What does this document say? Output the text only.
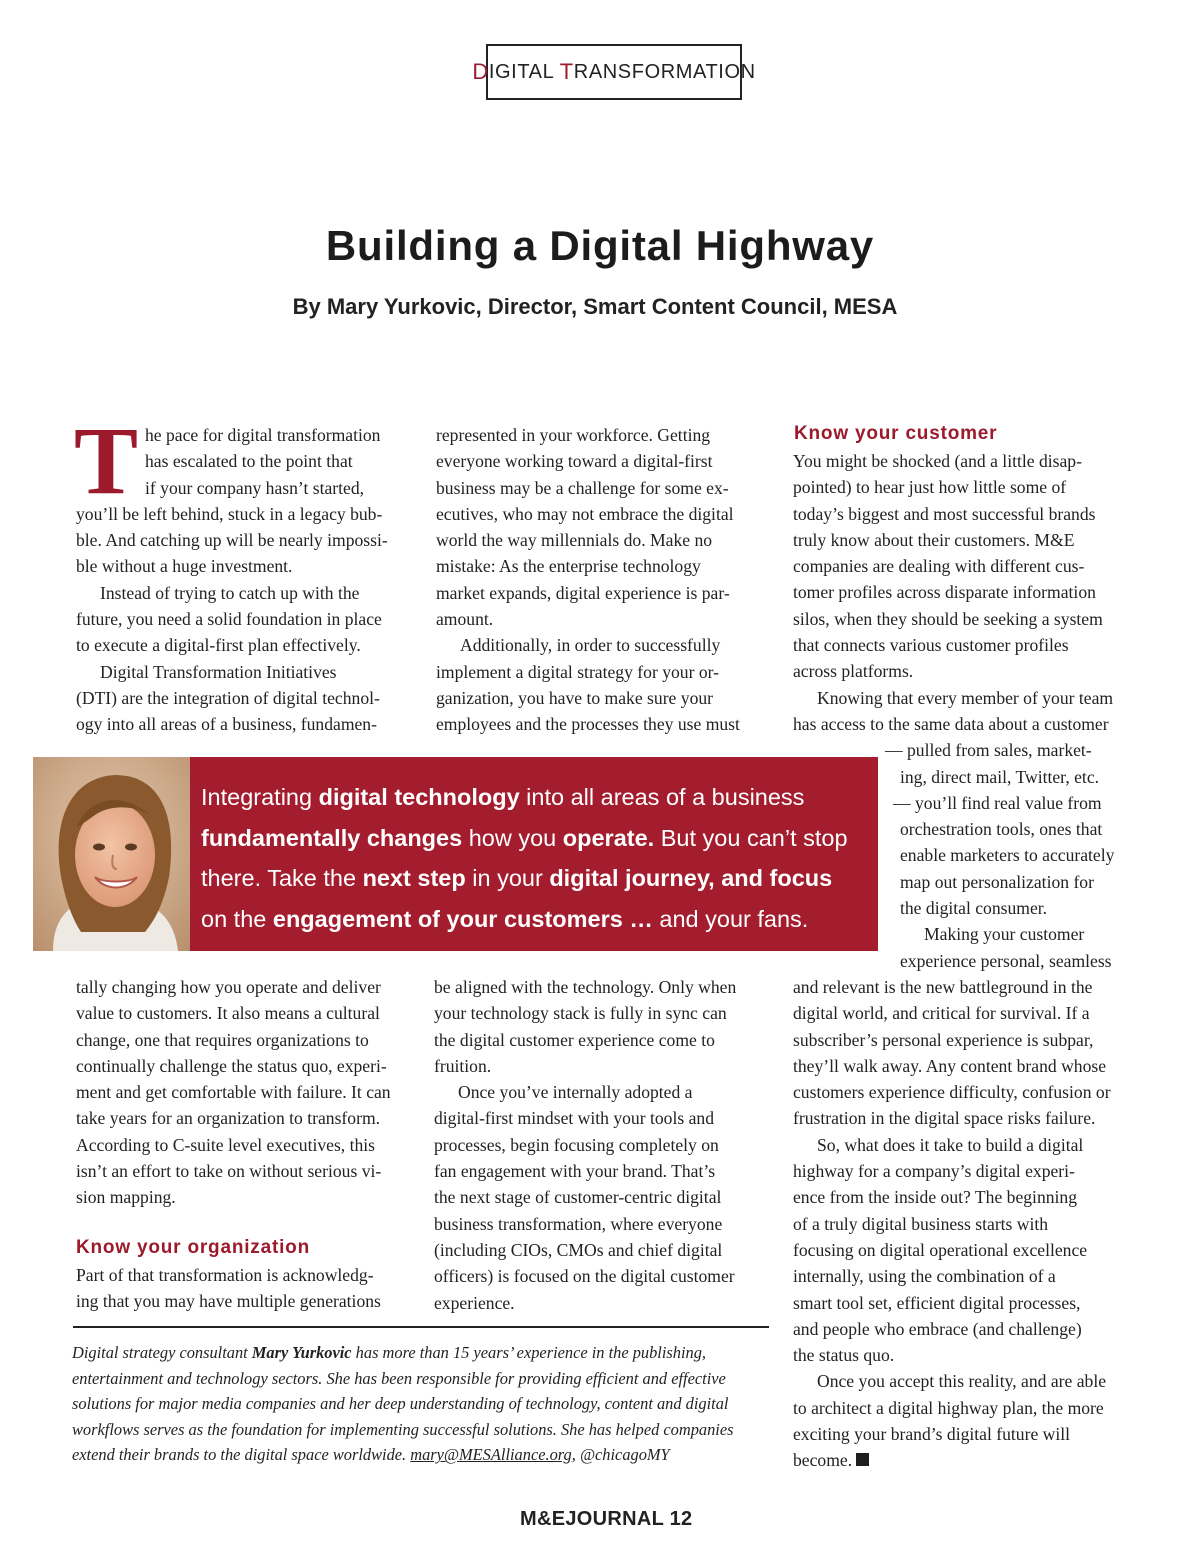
D IGITAL T RANSFORMATION
Building a Digital Highway
By Mary Yurkovic, Director, Smart Content Council, MESA
T he pace for digital transformation
has escalated to the point that
if your company hasn’t started,
you’ll be left behind, stuck in a legacy bub-
ble. And catching up will be nearly impossi-
ble without a huge investment.
Instead of trying to catch up with the
future, you need a solid foundation in place
to execute a digital-first plan effectively.
Digital Transformation Initiatives
(DTI) are the integration of digital technol-
ogy into all areas of a business, fundamen-
represented in your workforce. Getting
everyone working toward a digital-first
business may be a challenge for some ex-
ecutives, who may not embrace the digital
world the way millennials do. Make no
mistake: As the enterprise technology
market expands, digital experience is par-
amount.
Additionally, in order to successfully
implement a digital strategy for your or-
ganization, you have to make sure your
employees and the processes they use must
Know your customer
You might be shocked (and a little disap-
pointed) to hear just how little some of
today’s biggest and most successful brands
truly know about their customers. M&E
companies are dealing with different cus-
tomer profiles across disparate information
silos, when they should be seeking a system
that connects various customer profiles
across platforms.
Knowing that every member of your team
has access to the same data about a customer
— pulled from sales, market-
ing, direct mail, Twitter, etc.
— you’ll find real value from
orchestration tools, ones that
enable marketers to accurately
map out personalization for
the digital consumer.
Making your customer
experience personal, seamless
and relevant is the new battleground in the
digital world, and critical for survival. If a
subscriber’s personal experience is subpar,
they’ll walk away. Any content brand whose
customers experience difficulty, confusion or
frustration in the digital space risks failure.
So, what does it take to build a digital
highway for a company’s digital experi-
ence from the inside out? The beginning
of a truly digital business starts with
focusing on digital operational excellence
internally, using the combination of a
smart tool set, efficient digital processes,
and people who embrace (and challenge)
the status quo.
Once you accept this reality, and are able
to architect a digital highway plan, the more
exciting your brand’s digital future will
become.
Integrating digital technology into all areas of a business
fundamentally changes how you operate. But you can’t stop
there. Take the next step in your digital journey, and focus
on the engagement of your customers … and your fans.
tally changing how you operate and deliver
value to customers. It also means a cultural
change, one that requires organizations to
continually challenge the status quo, experi-
ment and get comfortable with failure. It can
take years for an organization to transform.
According to C-suite level executives, this
isn’t an effort to take on without serious vi-
sion mapping.
Know your organization
Part of that transformation is acknowledg-
ing that you may have multiple generations
be aligned with the technology. Only when
your technology stack is fully in sync can
the digital customer experience come to
fruition.
Once you’ve internally adopted a
digital-first mindset with your tools and
processes, begin focusing completely on
fan engagement with your brand. That’s
the next stage of customer-centric digital
business transformation, where everyone
(including CIOs, CMOs and chief digital
officers) is focused on the digital customer
experience.
Digital strategy consultant Mary Yurkovic has more than 15 years’ experience in the publishing,
entertainment and technology sectors. She has been responsible for providing efficient and effective
solutions for major media companies and her deep understanding of technology, content and digital
workflows serves as the foundation for implementing successful solutions. She has helped companies
extend their brands to the digital space worldwide. mary@MESAlliance.org, @chicagoMY
M&EJOURNAL 12
